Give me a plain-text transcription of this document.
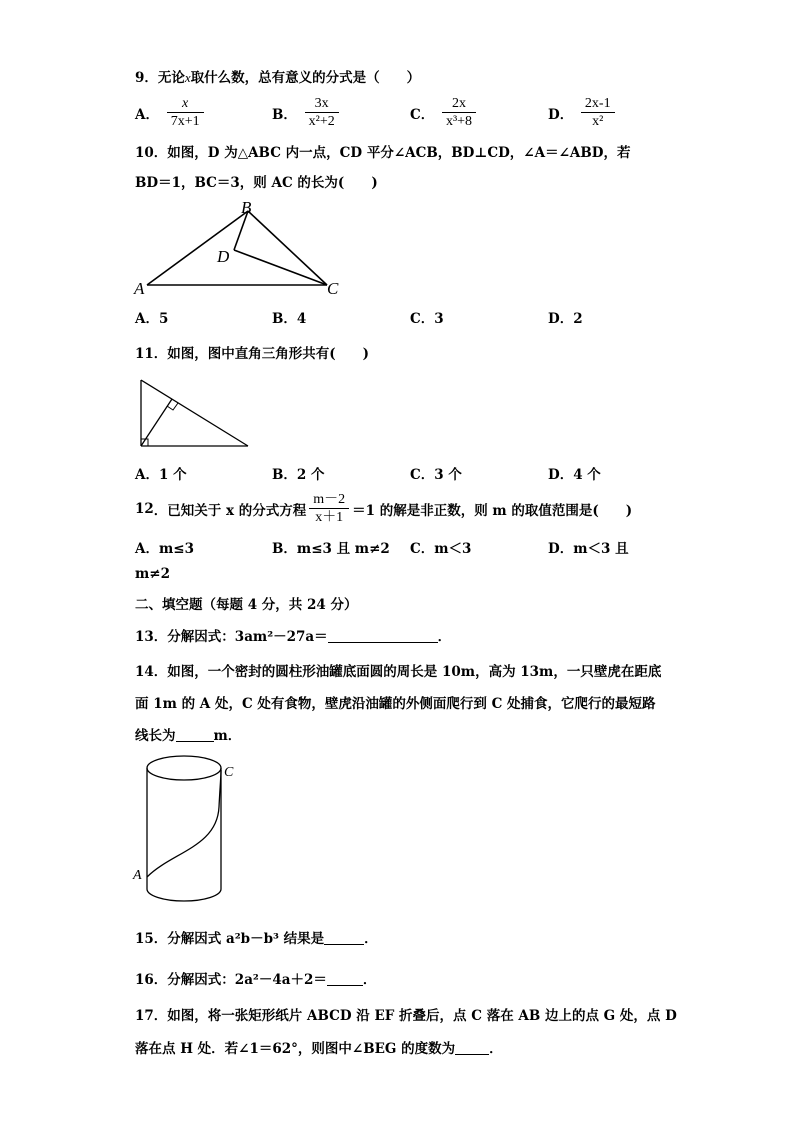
9．无论x取什么数，总有意义的分式是（　　）
A． $\frac{x}{7x+1}$	B． $\frac{3x}{\text{x²+2}}$	C． $\frac{2x}{\text{x³+8}}$	D． $\frac{2x-1}{\text{x²}}$
10．如图，D 为△ABC 内一点，CD 平分∠ACB，BD⊥CD，∠A＝∠ABD，若
BD＝1，BC＝3，则 AC 的长为(　　)
B
D
A	C
A．5	B．4	C．3	D．2
11．如图，图中直角三角形共有(　　)
A．1 个	B．2 个	C．3 个	D．4 个
12．已知关于 x 的分式方程 $\frac{m-2}{x+1} =1$ 的解是非正数，则 m 的取值范围是(　　)
A．m≤3	B．m≤3 且 m≠2 C．m＜3	D．m＜3 且
m≠2
二、填空题（每题 4 分，共 24 分）
13．分解因式：3am²－27a＝	．
14．如图，一个密封的圆柱形油罐底面圆的周长是 10m，高为 13m，一只壁虎在距底
面 1m 的 A 处，C 处有食物，壁虎沿油罐的外侧面爬行到 C 处捕食，它爬行的最短路
线长为	m．
C
A
15．分解因式 a²b－b³ 结果是	．
16．分解因式：2a²－4a＋2＝	．
17．如图，将一张矩形纸片 ABCD 沿 EF 折叠后，点 C 落在 AB 边上的点 G 处，点 D
落在点 H 处．若∠1＝62°，则图中∠BEG 的度数为	．
